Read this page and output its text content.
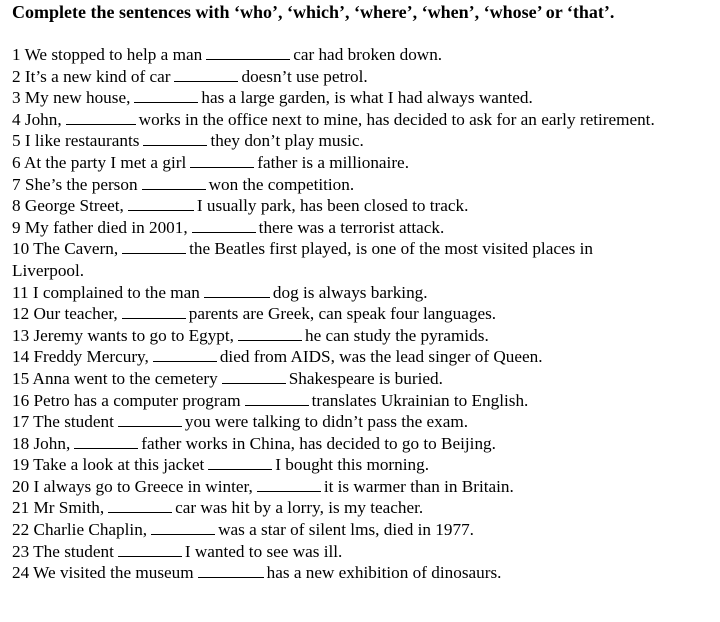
Complete the sentences with ‘who’, ‘which’, ‘where’, ‘when’, ‘whose’ or ‘that’.
1 We stopped to help a man	car had broken down.
2 It’s a new kind of car	doesn’t use petrol.
3 My new house,	has a large garden, is what I had always wanted.
4 John,	works in the office next to mine, has decided to ask for an early retirement.
5 I like restaurants	they don’t play music.
6 At the party I met a girl	father is a millionaire.
7 She’s the person	won the competition.
8 George Street,	I usually park, has been closed to track.
9 My father died in 2001,	there was a terrorist attack.
10 The Cavern,	the Beatles first played, is one of the most visited places in Liverpool.
11 I complained to the man	dog is always barking.
12 Our teacher,	parents are Greek, can speak four languages.
13 Jeremy wants to go to Egypt,	he can study the pyramids.
14 Freddy Mercury,	died from AIDS, was the lead singer of Queen.
15 Anna went to the cemetery	Shakespeare is buried.
16 Petro has a computer program	translates Ukrainian to English.
17 The student	you were talking to didn’t pass the exam.
18 John,	father works in China, has decided to go to Beijing.
19 Take a look at this jacket	I bought this morning.
20 I always go to Greece in winter,	it is warmer than in Britain.
21 Mr Smith,	car was hit by a lorry, is my teacher.
22 Charlie Chaplin,	was a star of silent lms, died in 1977.
23 The student	I wanted to see was ill.
24 We visited the museum	has a new exhibition of dinosaurs.
